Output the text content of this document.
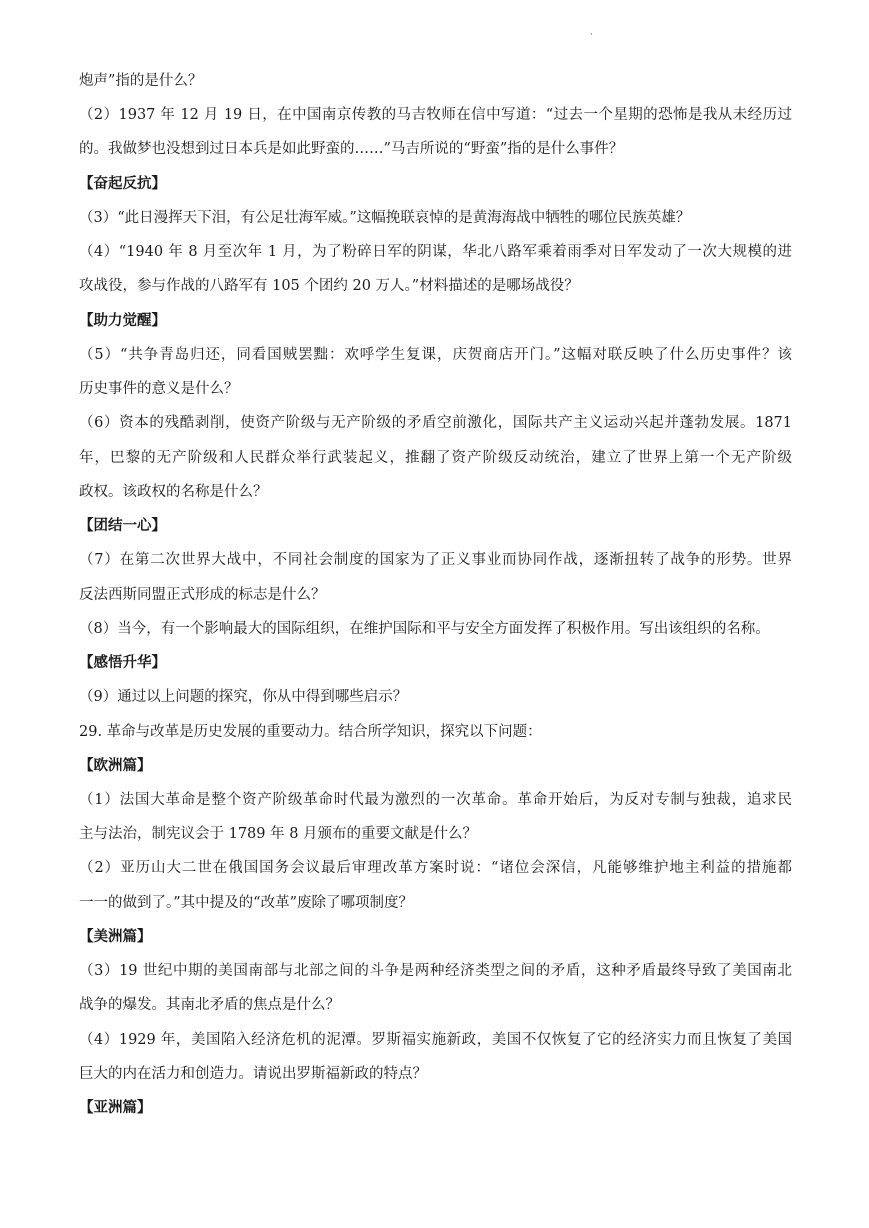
·
炮声”指的是什么？
（2）1937 年 12 月 19 日，在中国南京传教的马吉牧师在信中写道：“过去一个星期的恐怖是我从未经历过
的。我做梦也没想到过日本兵是如此野蛮的……”马吉所说的“野蛮”指的是什么事件？
【奋起反抗】
（3）“此日漫挥天下泪，有公足壮海军威。”这幅挽联哀悼的是黄海海战中牺牲的哪位民族英雄？
（4）“1940 年 8 月至次年 1 月，为了粉碎日军的阴谋，华北八路军乘着雨季对日军发动了一次大规模的进
攻战役，参与作战的八路军有 105 个团约 20 万人。”材料描述的是哪场战役？
【助力觉醒】
（5）“共争青岛归还，同看国贼罢黜：欢呼学生复课，庆贺商店开门。”这幅对联反映了什么历史事件？该
历史事件的意义是什么？
（6）资本的残酷剥削，使资产阶级与无产阶级的矛盾空前激化，国际共产主义运动兴起并蓬勃发展。1871
年，巴黎的无产阶级和人民群众举行武装起义，推翻了资产阶级反动统治，建立了世界上第一个无产阶级
政权。该政权的名称是什么？
【团结一心】
（7）在第二次世界大战中，不同社会制度的国家为了正义事业而协同作战，逐渐扭转了战争的形势。世界
反法西斯同盟正式形成的标志是什么？
（8）当今，有一个影响最大的国际组织，在维护国际和平与安全方面发挥了积极作用。写出该组织的名称。
【感悟升华】
（9）通过以上问题的探究，你从中得到哪些启示？
29. 革命与改革是历史发展的重要动力。结合所学知识，探究以下问题：
【欧洲篇】
（1）法国大革命是整个资产阶级革命时代最为激烈的一次革命。革命开始后，为反对专制与独裁，追求民
主与法治，制宪议会于 1789 年 8 月颁布的重要文献是什么？
（2）亚历山大二世在俄国国务会议最后审理改革方案时说：“诸位会深信，凡能够维护地主利益的措施都
一一的做到了。”其中提及的“改革”废除了哪项制度？
【美洲篇】
（3）19 世纪中期的美国南部与北部之间的斗争是两种经济类型之间的矛盾，这种矛盾最终导致了美国南北
战争的爆发。其南北矛盾的焦点是什么？
（4）1929 年，美国陷入经济危机的泥潭。罗斯福实施新政，美国不仅恢复了它的经济实力而且恢复了美国
巨大的内在活力和创造力。请说出罗斯福新政的特点？
【亚洲篇】
